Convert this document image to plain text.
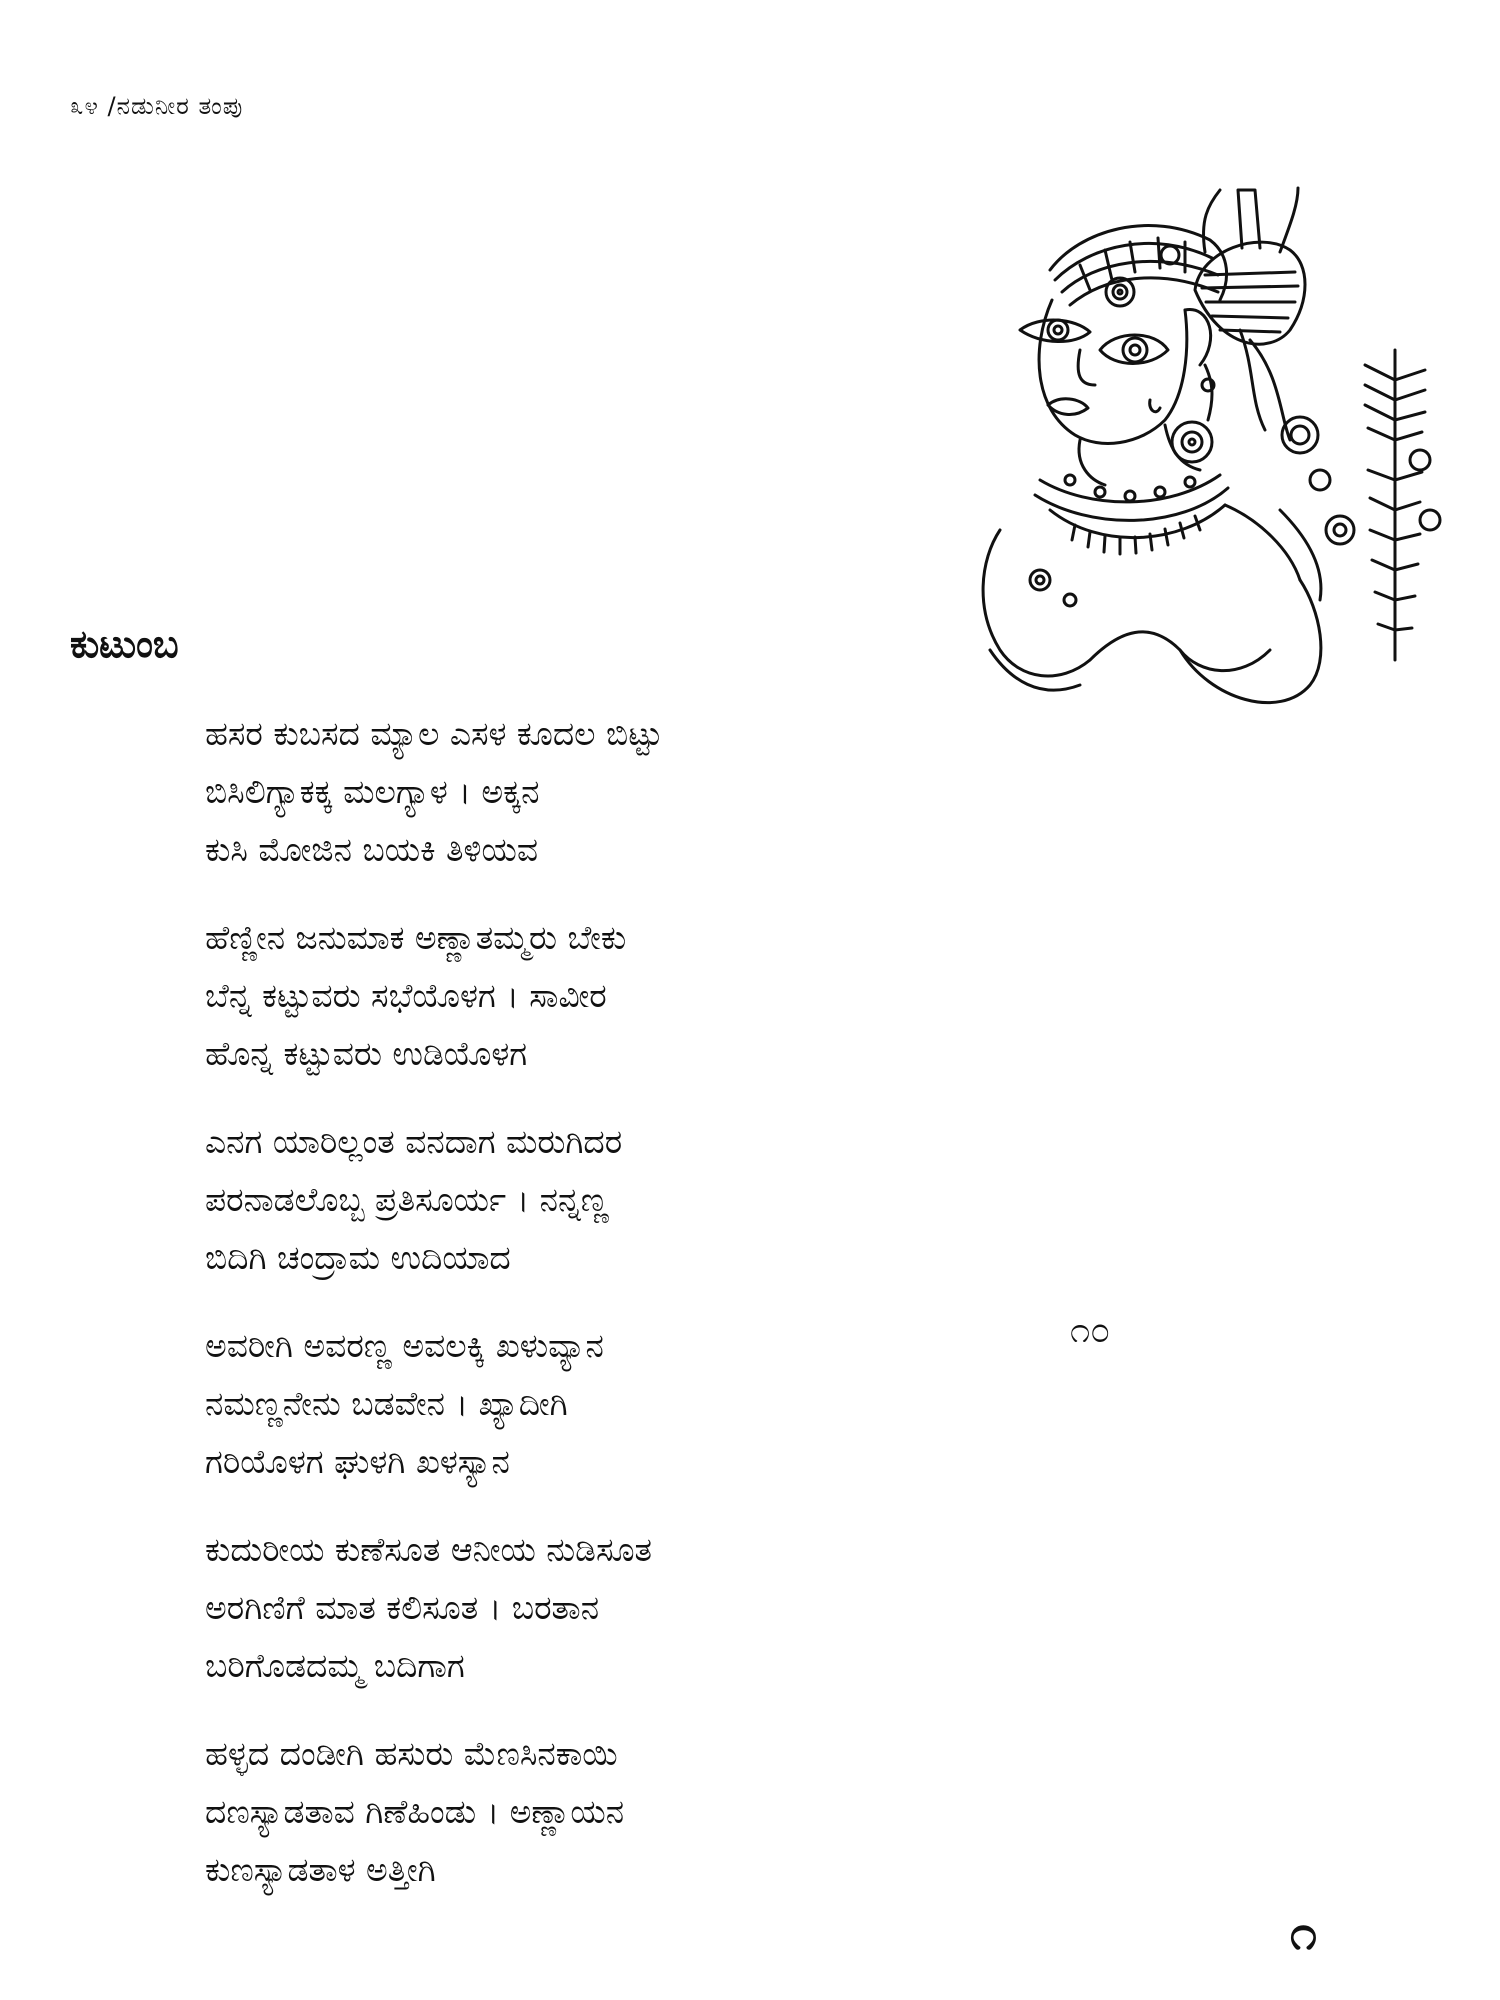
೩೪ /ನಡುನೀರ ತಂಪು
ಕುಟುಂಬ
ಹಸರ ಕುಬಸದ ಮ್ಯಾಲ ಎಸಳ ಕೂದಲ ಬಿಟ್ಟು
ಬಿಸಿಲಿಗ್ಯಾಕಕ್ಕ ಮಲಗ್ಯಾಳ । ಅಕ್ಕನ
ಕುಸಿ ಮೋಜಿನ ಬಯಕಿ ತಿಳಿಯವ
ಹೆಣ್ಣೀನ ಜನುಮಾಕ ಅಣ್ಣಾತಮ್ಮರು ಬೇಕು
ಬೆನ್ನ ಕಟ್ಟುವರು ಸಭೆಯೊಳಗ । ಸಾವೀರ
ಹೊನ್ನ ಕಟ್ಟುವರು ಉಡಿಯೊಳಗ
ಎನಗ ಯಾರಿಲ್ಲಂತ ವನದಾಗ ಮರುಗಿದರ
ಪರನಾಡಲೊಬ್ಬ ಪ್ರತಿಸೂರ್ಯ । ನನ್ನಣ್ಣ
ಬಿದಿಗಿ ಚಂದ್ರಾಮ ಉದಿಯಾದ
ಅವರೀಗಿ ಅವರಣ್ಣ ಅವಲಕ್ಕಿ ಖಳುವ್ಯಾನ
ನಮಣ್ಣನೇನು ಬಡವೇನ । ಖ್ಯಾದೀಗಿ
ಗರಿಯೊಳಗ ಘುಳಗಿ ಖಳಸ್ಯಾನ
ಕುದುರೀಯ ಕುಣೆಸೂತ ಆನೀಯ ನುಡಿಸೂತ
ಅರಗಿಣಿಗೆ ಮಾತ ಕಲಿಸೂತ । ಬರತಾನ
ಬರಿಗೊಡದಮ್ಮ ಬದಿಗಾಗ
ಹಳ್ಳದ ದಂಡೀಗಿ ಹಸುರು ಮೆಣಸಿನಕಾಯಿ
ದಣಸ್ಯಾಡತಾವ ಗಿಣೆಹಿಂಡು । ಅಣ್ಣಾಯನ
ಕುಣಸ್ಯಾಡತಾಳ ಅತ್ತೀಗಿ
೧೦
೧
